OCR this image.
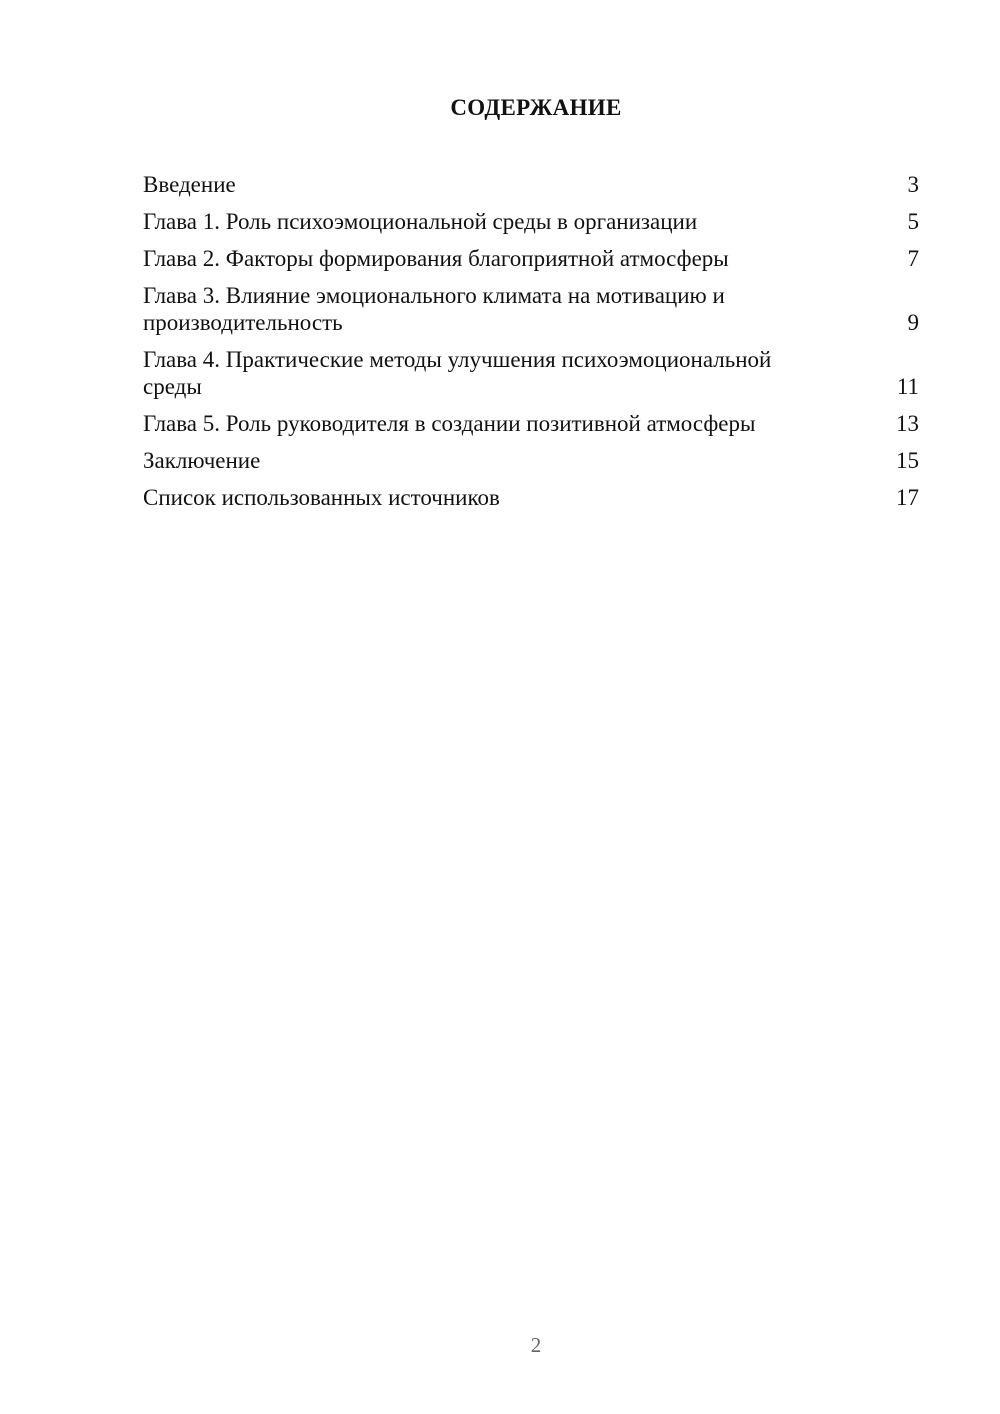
СОДЕРЖАНИЕ
Введение	3
Глава 1. Роль психоэмоциональной среды в организации	5
Глава 2. Факторы формирования благоприятной атмосферы	7
Глава 3. Влияние эмоционального климата на мотивацию и производительность	9
Глава 4. Практические методы улучшения психоэмоциональной среды	11
Глава 5. Роль руководителя в создании позитивной атмосферы	13
Заключение	15
Список использованных источников	17
2
